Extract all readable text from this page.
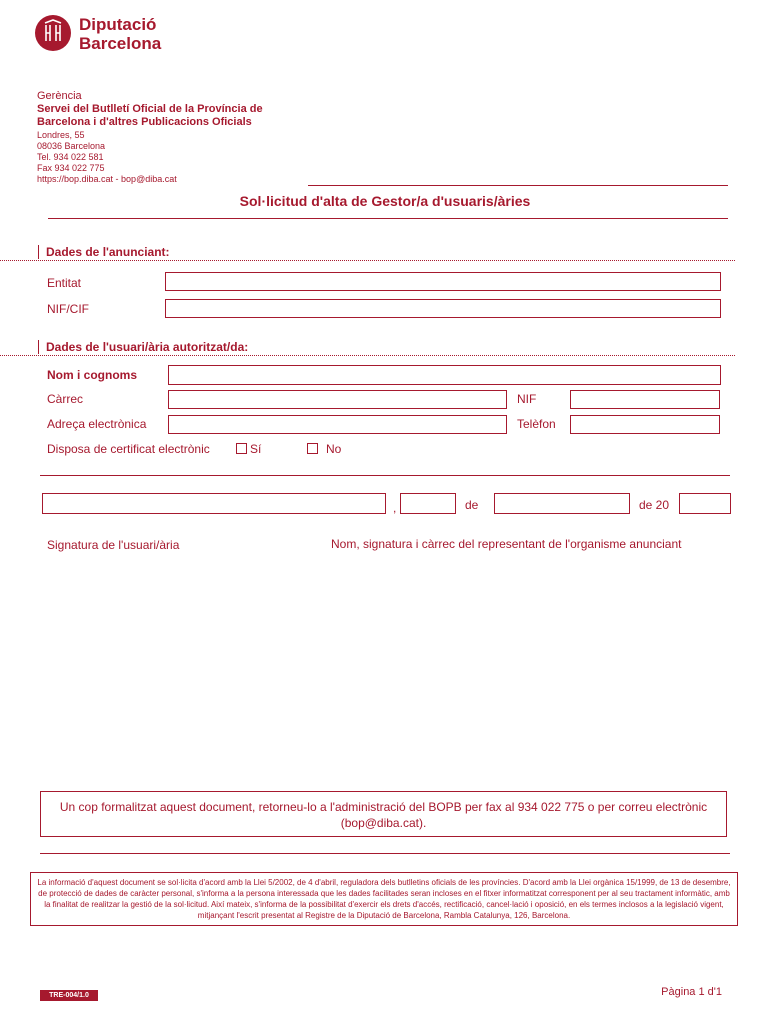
Diputació
Barcelona
Gerència
Servei del Butlletí Oficial de la Província de
Barcelona i d'altres Publicacions Oficials
Londres, 55
08036 Barcelona
Tel. 934 022 581
Fax 934 022 775
https://bop.diba.cat - bop@diba.cat
Sol·licitud d'alta de Gestor/a d'usuaris/àries
Dades de l'anunciant:
Entitat
NIF/CIF
Dades de l'usuari/ària autoritzat/da:
Nom i cognoms
Càrrec	NIF
Adreça electrònica	Telèfon
Disposa de certificat electrònic	Sí	No
,	de	de 20
Signatura de l'usuari/ària	Nom, signatura i càrrec del representant de l'organisme anunciant
Un cop formalitzat aquest document, retorneu-lo a l'administració del BOPB per fax al 934 022 775 o per correu electrònic (bop@diba.cat).
La informació d'aquest document se sol·licita d'acord amb la Llei 5/2002, de 4 d'abril, reguladora dels butlletins oficials de les províncies. D'acord amb la Llei orgànica 15/1999, de 13 de desembre, de protecció de dades de caràcter personal, s'informa a la persona interessada que les dades facilitades seran incloses en el fitxer informatitzat corresponent per al seu tractament informàtic, amb la finalitat de realitzar la gestió de la sol·licitud. Així mateix, s'informa de la possibilitat d'exercir els drets d'accés, rectificació, cancel·lació i oposició, en els termes inclosos a la legislació vigent, mitjançant l'escrit presentat al Registre de la Diputació de Barcelona, Rambla Catalunya, 126, Barcelona.
TRE-004/1.0	Pàgina 1 d'1
